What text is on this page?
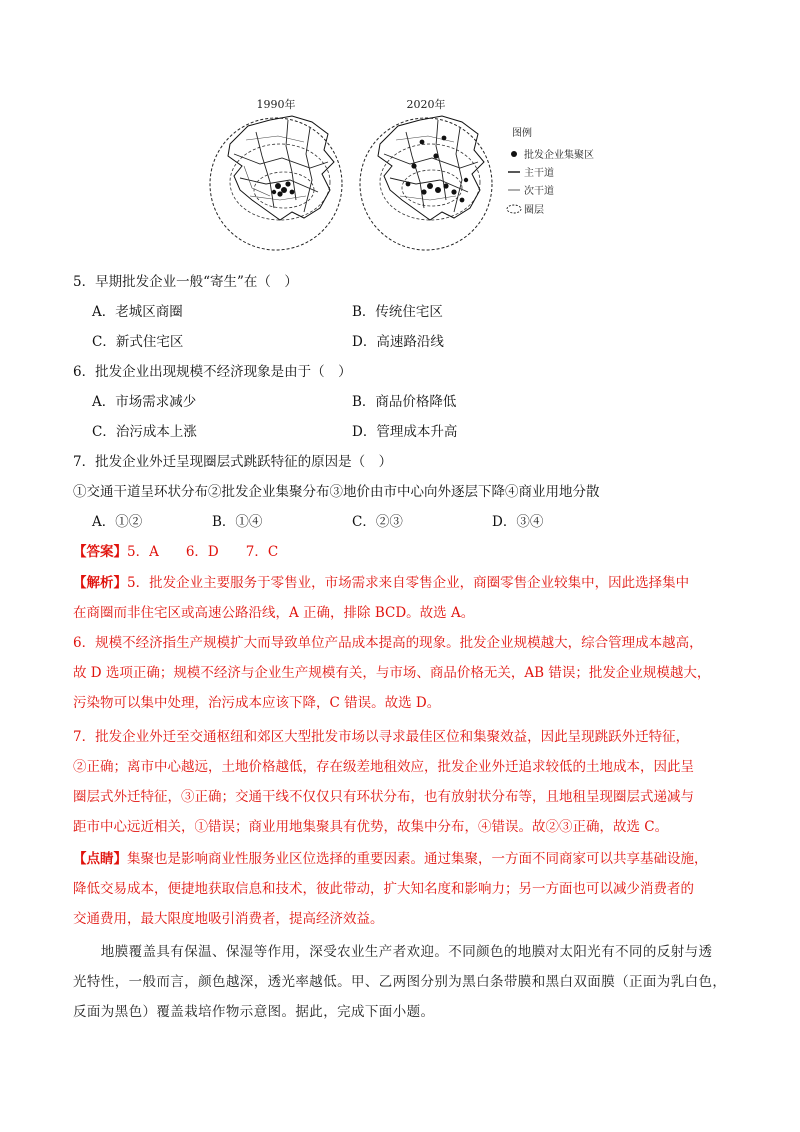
1990年	2020年
图例
批发企业集聚区
主干道
次干道
圈层
5．早期批发企业一般“寄生”在（　）
A．老城区商圈	B．传统住宅区
C．新式住宅区	D．高速路沿线
6．批发企业出现规模不经济现象是由于（　）
A．市场需求减少	B．商品价格降低
C．治污成本上涨	D．管理成本升高
7．批发企业外迁呈现圈层式跳跃特征的原因是（　）
①交通干道呈环状分布②批发企业集聚分布③地价由市中心向外逐层下降④商业用地分散
A．①②	B．①④	C．②③	D．③④
【答案】5．A　　6．D　　7．C
【解析】5．批发企业主要服务于零售业，市场需求来自零售企业，商圈零售企业较集中，因此选择集中
在商圈而非住宅区或高速公路沿线，A 正确，排除 BCD。故选 A。
6．规模不经济指生产规模扩大而导致单位产品成本提高的现象。批发企业规模越大，综合管理成本越高，
故 D 选项正确；规模不经济与企业生产规模有关，与市场、商品价格无关，AB 错误；批发企业规模越大，
污染物可以集中处理，治污成本应该下降，C 错误。故选 D。
7．批发企业外迁至交通枢纽和郊区大型批发市场以寻求最佳区位和集聚效益，因此呈现跳跃外迁特征，
②正确；离市中心越远，土地价格越低，存在级差地租效应，批发企业外迁追求较低的土地成本，因此呈
圈层式外迁特征，③正确；交通干线不仅仅只有环状分布，也有放射状分布等，且地租呈现圈层式递减与
距市中心远近相关，①错误；商业用地集聚具有优势，故集中分布，④错误。故②③正确，故选 C。
【点睛】集聚也是影响商业性服务业区位选择的重要因素。通过集聚，一方面不同商家可以共享基础设施，
降低交易成本，便捷地获取信息和技术，彼此带动，扩大知名度和影响力；另一方面也可以减少消费者的
交通费用，最大限度地吸引消费者，提高经济效益。
　　地膜覆盖具有保温、保湿等作用，深受农业生产者欢迎。不同颜色的地膜对太阳光有不同的反射与透
光特性，一般而言，颜色越深，透光率越低。甲、乙两图分别为黑白条带膜和黑白双面膜（正面为乳白色，
反面为黑色）覆盖栽培作物示意图。据此，完成下面小题。
